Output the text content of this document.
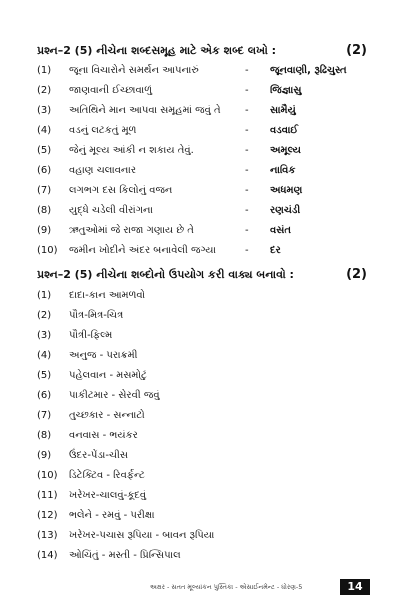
પ્રશ્ન–2 (5) નીચેના શબ્દસમૂહ માટે એક શબ્દ લખો :	(2)
(1)	જૂના વિચારોને સમર્થન આપનારું	- જૂનવાણી, રૂઢિચુસ્ત
(2)	જાણવાની ઈચ્છાવાળું	- જિજ્ઞાસુ
(3)	અતિથિને માન આપવા સમૂહમાં જવું તે - સામૈયું
(4)	વડનું લટકતું મૂળ	- વડવાઈ
(5)	જેનું મૂલ્ય આંકી ન શકાય તેવું.	- અમૂલ્ય
(6)	વહાણ ચલાવનાર	- નાવિક
(7)	લગભગ દસ કિલોનું વજન	- અધમણ
(8)	યુદ્ધે ચડેલી વીરાંગના	- રણચંડી
(9)	ઋતુઓમાં જે રાજા ગણાય છે તે	- વસંત
(10)	જમીન ખોદીને અંદર બનાવેલી જગ્યા	- દર
પ્રશ્ન–2 (5) નીચેના શબ્દોનો ઉપયોગ કરી વાક્ય બનાવો :	(2)
(1)	દાદા-કાન આમળવો
(2)	પૌત્ર-મિત્ર-ચિત્ર
(3)	પૌત્રી-ફિલ્મ
(4)	અનુજ - પરાક્રમી
(5)	પહેલવાન - મસમોટું
(6)	પાકીટમાર - સેરવી જવું
(7)	તુચ્છકાર - સન્નાટો
(8)	વનવાસ - ભયંકર
(9)	ઉંદર-પેંડા-ચીસ
(10)	ડિટેક્ટિવ - રિવર્ફન્ટ
(11)	ખરેખર-ચાલવું-કૂદવું
(12)	ભલેને - રમવું - પરીક્ષા
(13)	ખરેખર-પચાસ રૂપિયા - બાવન રૂપિયા
(14)	ઓચિંતું - મસ્તી - પ્રિન્સિપાલ
અક્ષર - સતત મૂલ્યાંકન પુસ્તિકા - એસાઈનમેન્ટ - ધોરણ-5	14
